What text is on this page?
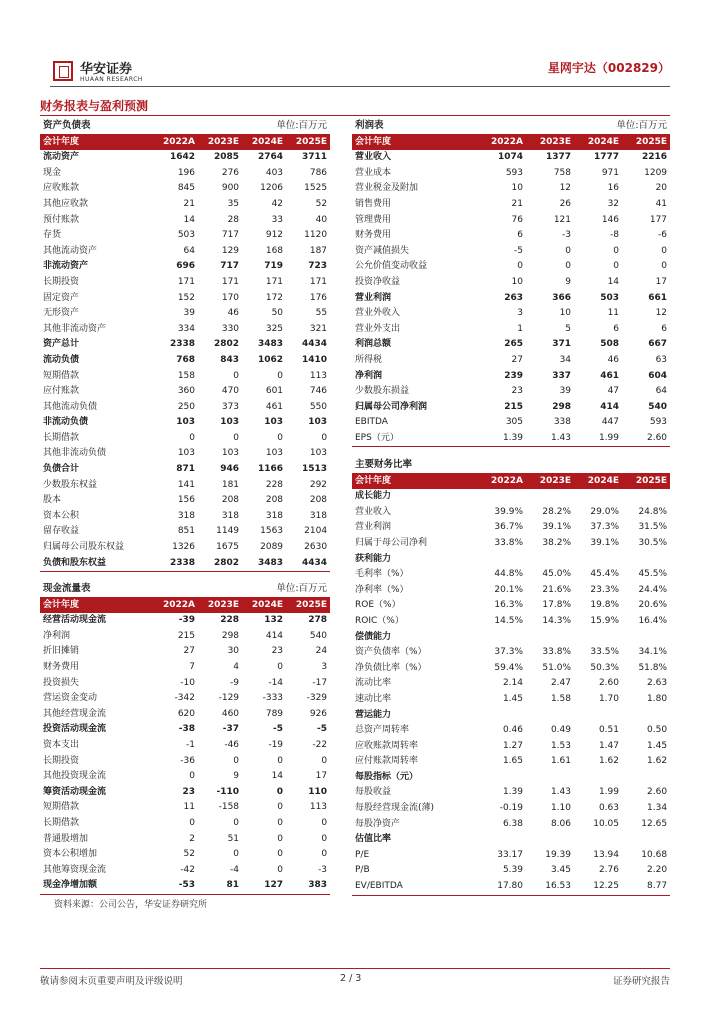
华安证券
HUAAN RESEARCH
星网宇达（002829）
财务报表与盈利预测
资产负债表			单位:百万元	
会计年度	2022A	2023E	2024E	2025E
流动资产	1642	2085	2764	3711
现金	196	276	403	786
应收账款	845	900	1206	1525
其他应收款	21	35	42	52
预付账款	14	28	33	40
存货	503	717	912	1120
其他流动资产	64	129	168	187
非流动资产	696	717	719	723
长期投资	171	171	171	171
固定资产	152	170	172	176
无形资产	39	46	50	55
其他非流动资产	334	330	325	321
资产总计	2338	2802	3483	4434
流动负债	768	843	1062	1410
短期借款	158	0	0	113
应付账款	360	470	601	746
其他流动负债	250	373	461	550
非流动负债	103	103	103	103
长期借款	0	0	0	0
其他非流动负债	103	103	103	103
负债合计	871	946	1166	1513
少数股东权益	141	181	228	292
股本	156	208	208	208
资本公积	318	318	318	318
留存收益	851	1149	1563	2104
归属母公司股东权益	1326	1675	2089	2630
负债和股东权益	2338	2802	3483	4434
现金流量表			单位:百万元	
会计年度	2022A	2023E	2024E	2025E
经营活动现金流	-39	228	132	278
净利润	215	298	414	540
折旧摊销	27	30	23	24
财务费用	7	4	0	3
投资损失	-10	-9	-14	-17
营运资金变动	-342	-129	-333	-329
其他经营现金流	620	460	789	926
投资活动现金流	-38	-37	-5	-5
资本支出	-1	-46	-19	-22
长期投资	-36	0	0	0
其他投资现金流	0	9	14	17
筹资活动现金流	23	-110	0	110
短期借款	11	-158	0	113
长期借款	0	0	0	0
普通股增加	2	51	0	0
资本公积增加	52	0	0	0
其他筹资现金流	-42	-4	0	-3
现金净增加额	-53	81	127	383
利润表			单位:百万元	
会计年度	2022A	2023E	2024E	2025E
营业收入	1074	1377	1777	2216
营业成本	593	758	971	1209
营业税金及附加	10	12	16	20
销售费用	21	26	32	41
管理费用	76	121	146	177
财务费用	6	-3	-8	-6
资产减值损失	-5	0	0	0
公允价值变动收益	0	0	0	0
投资净收益	10	9	14	17
营业利润	263	366	503	661
营业外收入	3	10	11	12
营业外支出	1	5	6	6
利润总额	265	371	508	667
所得税	27	34	46	63
净利润	239	337	461	604
少数股东损益	23	39	47	64
归属母公司净利润	215	298	414	540
EBITDA	305	338	447	593
EPS（元）	1.39	1.43	1.99	2.60
主要财务比率				
会计年度	2022A	2023E	2024E	2025E
成长能力				
营业收入	39.9%	28.2%	29.0%	24.8%
营业利润	36.7%	39.1%	37.3%	31.5%
归属于母公司净利	33.8%	38.2%	39.1%	30.5%
获利能力				
毛利率（%）	44.8%	45.0%	45.4%	45.5%
净利率（%）	20.1%	21.6%	23.3%	24.4%
ROE（%）	16.3%	17.8%	19.8%	20.6%
ROIC（%）	14.5%	14.3%	15.9%	16.4%
偿债能力				
资产负债率（%）	37.3%	33.8%	33.5%	34.1%
净负债比率（%）	59.4%	51.0%	50.3%	51.8%
流动比率	2.14	2.47	2.60	2.63
速动比率	1.45	1.58	1.70	1.80
营运能力				
总资产周转率	0.46	0.49	0.51	0.50
应收账款周转率	1.27	1.53	1.47	1.45
应付账款周转率	1.65	1.61	1.62	1.62
每股指标（元）				
每股收益	1.39	1.43	1.99	2.60
每股经营现金流(薄)	-0.19	1.10	0.63	1.34
每股净资产	6.38	8.06	10.05	12.65
估值比率				
P/E	33.17	19.39	13.94	10.68
P/B	5.39	3.45	2.76	2.20
EV/EBITDA	17.80	16.53	12.25	8.77
资料来源：公司公告，华安证券研究所
敬请参阅末页重要声明及评级说明	2 / 3	证券研究报告
